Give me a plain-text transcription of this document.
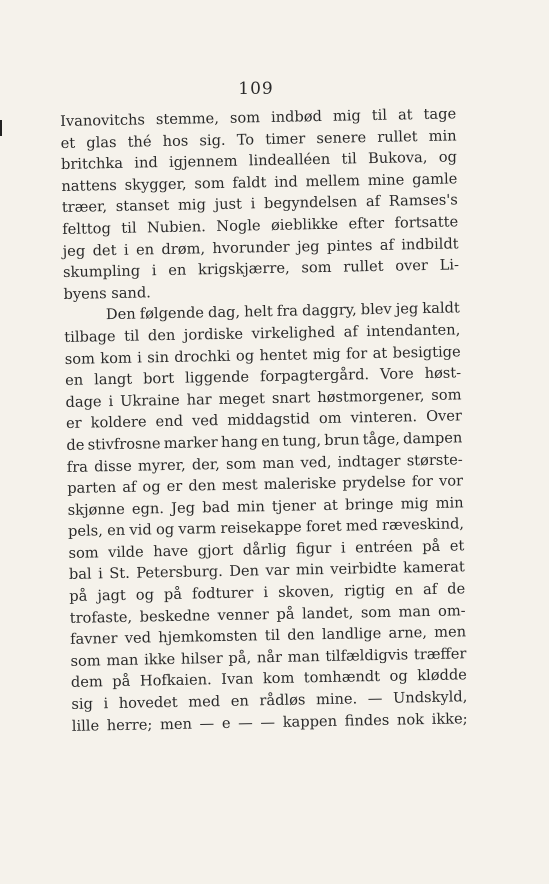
109
Ivanovitchs stemme, som indbød mig til at tage
et glas thé hos sig. To timer senere rullet min
britchka ind igjennem lindealléen til Bukova, og
nattens skygger, som faldt ind mellem mine gamle
træer, stanset mig just i begyndelsen af Ramses's
felttog til Nubien. Nogle øieblikke efter fortsatte
jeg det i en drøm, hvorunder jeg pintes af indbildt
skumpling i en krigskjærre, som rullet over Li-
byens
sand.
Den følgende dag, helt fra daggry, blev jeg kaldt
tilbage til den jordiske virkelighed af intendanten,
som kom i sin drochki og hentet mig for at besigtige
en langt bort liggende forpagtergård. Vore høst-
dage i Ukraine har meget snart høstmorgener, som
er koldere end ved middagstid om vinteren. Over
de stivfrosne marker hang en tung, brun tåge, dampen
fra disse myrer, der, som man ved, indtager største-
parten af og er den mest maleriske prydelse for vor
skjønne egn. Jeg bad min tjener at bringe mig min
pels, en vid og varm reisekappe foret med ræveskind,
som vilde have gjort dårlig figur i entréen på et
bal i St. Petersburg. Den var min veirbidte kamerat
på jagt og på fodturer i skoven, rigtig en af de
trofaste, beskedne venner på landet, som man om-
favner ved hjemkomsten til den landlige arne, men
som man ikke hilser på, når man tilfældigvis træffer
dem på Hofkaien. Ivan kom tomhændt og kløddе
sig i hovedet med en rådløs mine. — Undskyld,
lille herre; men — e — — kappen findes nok ikke;
